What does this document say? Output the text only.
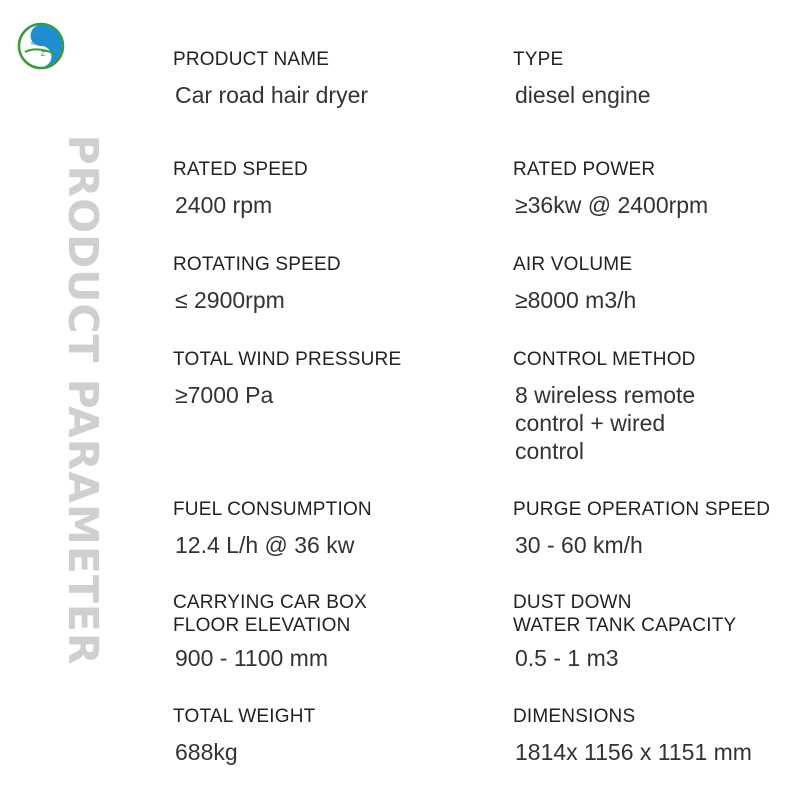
鑫智合
Z
PRODUCT PARAMETER
PRODUCT NAME
Car road hair dryer
TYPE
diesel engine
RATED SPEED
2400 rpm
RATED POWER
≥36kw @ 2400rpm
ROTATING SPEED
≤ 2900rpm
AIR VOLUME
≥8000 m3/h
TOTAL WIND PRESSURE
≥7000 Pa
CONTROL METHOD
8 wireless remote
control + wired
control
FUEL CONSUMPTION
12.4 L/h @ 36 kw
PURGE OPERATION SPEED
30 - 60 km/h
CARRYING CAR BOX
FLOOR ELEVATION
900 - 1100 mm
DUST DOWN
WATER TANK CAPACITY
0.5 - 1 m3
TOTAL WEIGHT
688kg
DIMENSIONS
1814x 1156 x 1151 mm
